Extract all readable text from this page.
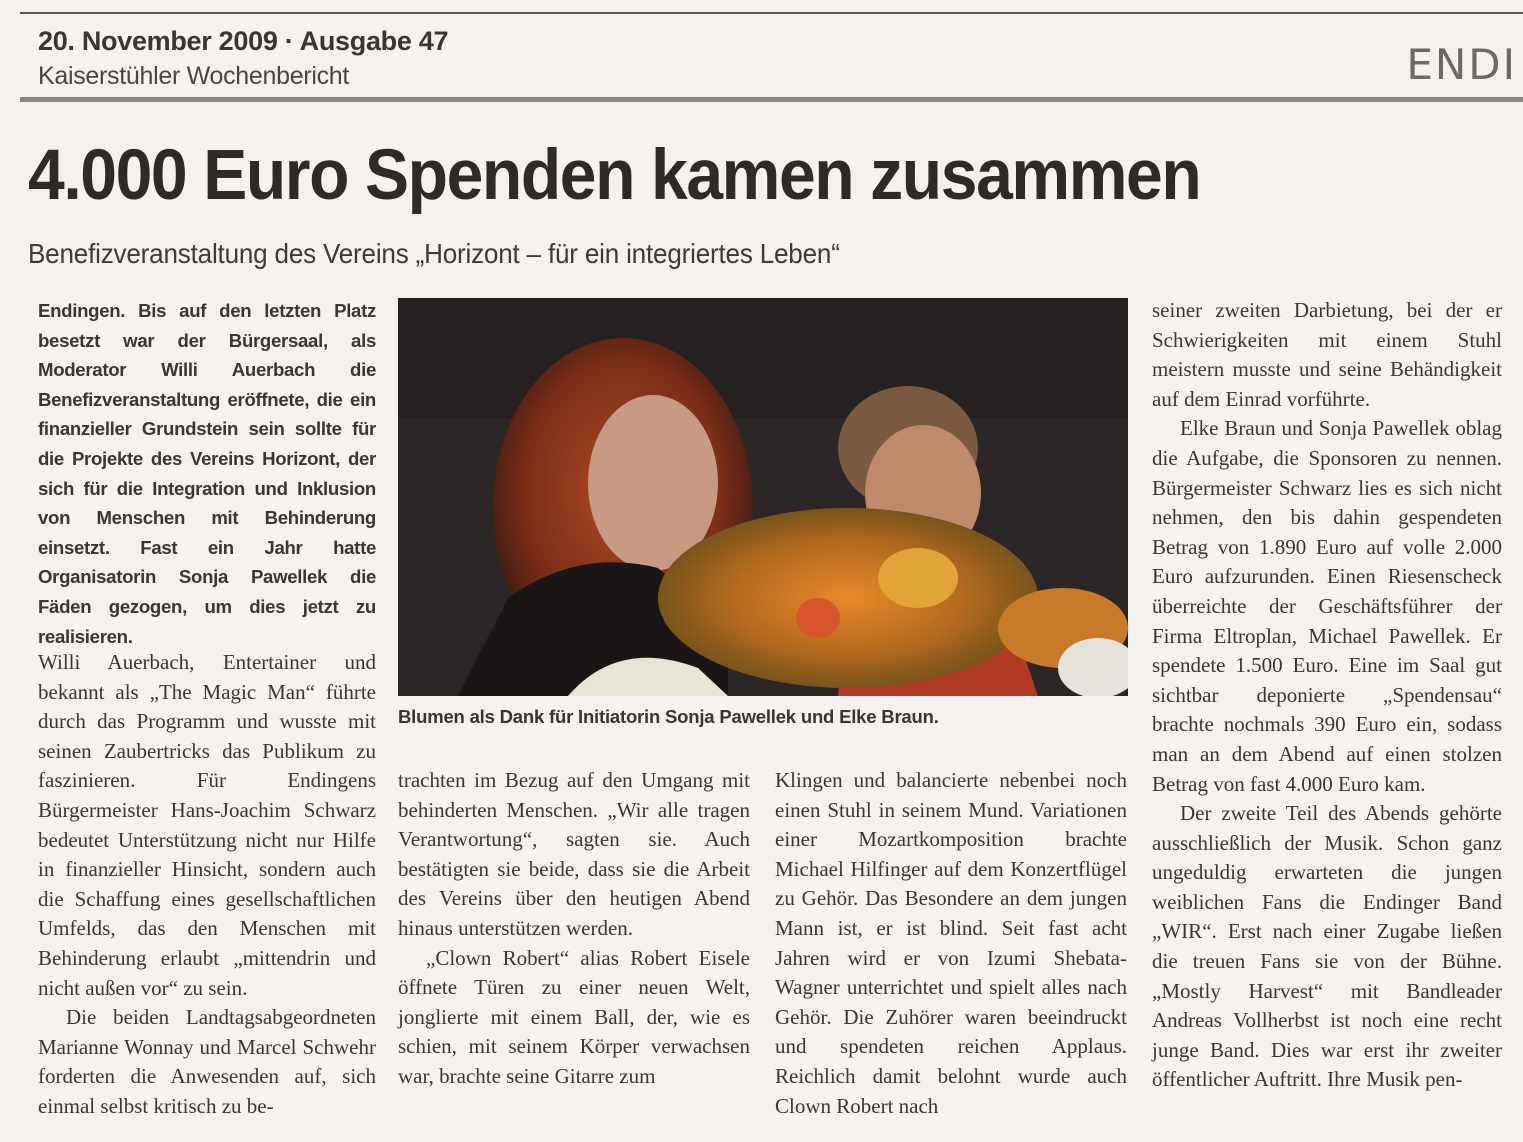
20. November 2009 · Ausgabe 47
Kaiserstühler Wochenbericht	ENDI
4.000 Euro Spenden kamen zusammen
Benefizveranstaltung des Vereins „Horizont – für ein integriertes Leben“

Endingen. Bis auf den letzten Platz besetzt war der Bürgersaal, als Moderator Willi Auerbach die Benefizveranstaltung eröffnete, die ein finanzieller Grundstein sein sollte für die Projekte des Vereins Horizont, der sich für die Integration und Inklusion von Menschen mit Behinderung einsetzt. Fast ein Jahr hatte Organisatorin Sonja Pawellek die Fäden gezogen, um dies jetzt zu realisieren.

Willi Auerbach, Entertainer und bekannt als „The Magic Man“ führte durch das Programm und wusste mit seinen Zaubertricks das Publikum zu faszinieren. Für Endingens Bürgermeister Hans-Joachim Schwarz bedeutet Unterstützung nicht nur Hilfe in finanzieller Hinsicht, sondern auch die Schaffung eines gesellschaftlichen Umfelds, das den Menschen mit Behinderung erlaubt „mittendrin und nicht außen vor“ zu sein.

Die beiden Landtagsabgeordneten Marianne Wonnay und Marcel Schwehr forderten die Anwesenden auf, sich einmal selbst kritisch zu be-

Blumen als Dank für Initiatorin Sonja Pawellek und Elke Braun.

trachten im Bezug auf den Umgang mit behinderten Menschen. „Wir alle tragen Verantwortung“, sagten sie. Auch bestätigten sie beide, dass sie die Arbeit des Vereins über den heutigen Abend hinaus unterstützen werden.

„Clown Robert“ alias Robert Eisele öffnete Türen zu einer neuen Welt, jonglierte mit einem Ball, der, wie es schien, mit seinem Körper verwachsen war, brachte seine Gitarre zum

Klingen und balancierte nebenbei noch einen Stuhl in seinem Mund. Variationen einer Mozartkomposition brachte Michael Hilfinger auf dem Konzertflügel zu Gehör. Das Besondere an dem jungen Mann ist, er ist blind. Seit fast acht Jahren wird er von Izumi Shebata-Wagner unterrichtet und spielt alles nach Gehör. Die Zuhörer waren beeindruckt und spendeten reichen Applaus. Reichlich damit belohnt wurde auch Clown Robert nach

seiner zweiten Darbietung, bei der er Schwierigkeiten mit einem Stuhl meistern musste und seine Behändigkeit auf dem Einrad vorführte.

Elke Braun und Sonja Pawellek oblag die Aufgabe, die Sponsoren zu nennen. Bürgermeister Schwarz lies es sich nicht nehmen, den bis dahin gespendeten Betrag von 1.890 Euro auf volle 2.000 Euro aufzurunden. Einen Riesenscheck überreichte der Geschäftsführer der Firma Eltroplan, Michael Pawellek. Er spendete 1.500 Euro. Eine im Saal gut sichtbar deponierte „Spendensau“ brachte nochmals 390 Euro ein, sodass man an dem Abend auf einen stolzen Betrag von fast 4.000 Euro kam.

Der zweite Teil des Abends gehörte ausschließlich der Musik. Schon ganz ungeduldig erwarteten die jungen weiblichen Fans die Endinger Band „WIR“. Erst nach einer Zugabe ließen die treuen Fans sie von der Bühne. „Mostly Harvest“ mit Bandleader Andreas Vollherbst ist noch eine recht junge Band. Dies war erst ihr zweiter öffentlicher Auftritt. Ihre Musik pen-
